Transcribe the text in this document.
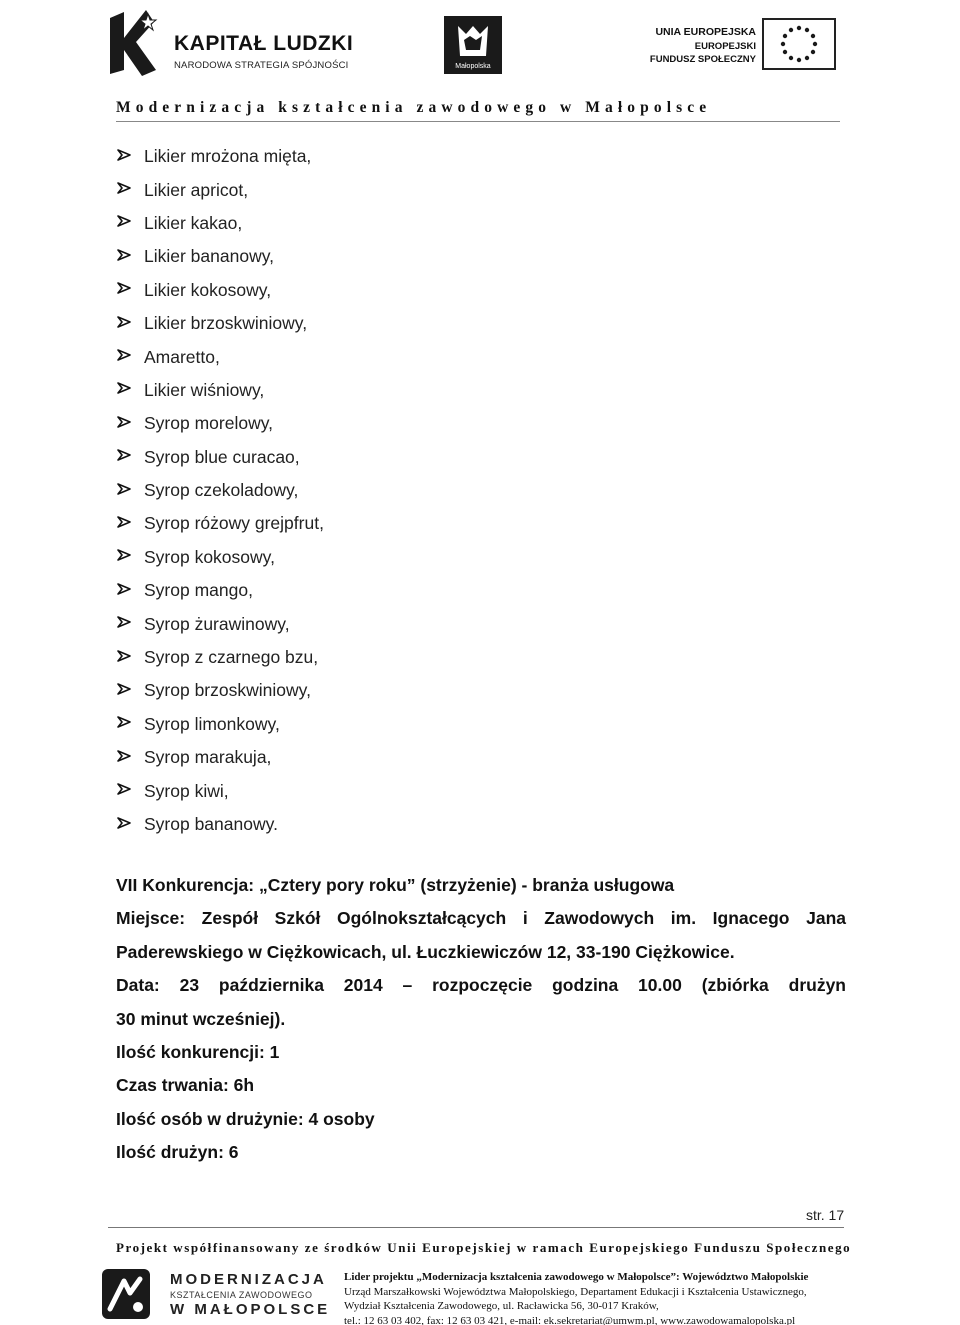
KAPITAŁ LUDZKI
NARODOWA STRATEGIA SPÓJNOŚCI	Małopolska
UNIA EUROPEJSKA
EUROPEJSKI
FUNDUSZ SPOŁECZNY
Modernizacja kształcenia zawodowego w Małopolsce
Likier mrożona mięta,
Likier apricot,
Likier kakao,
Likier bananowy,
Likier kokosowy,
Likier brzoskwiniowy,
Amaretto,
Likier wiśniowy,
Syrop morelowy,
Syrop blue curacao,
Syrop czekoladowy,
Syrop różowy grejpfrut,
Syrop kokosowy,
Syrop mango,
Syrop żurawinowy,
Syrop z czarnego bzu,
Syrop brzoskwiniowy,
Syrop limonkowy,
Syrop marakuja,
Syrop kiwi,
Syrop bananowy.

VII Konkurencja: „Cztery pory roku” (strzyżenie) - branża usługowa

Miejsce: Zespół Szkół Ogólnokształcących i Zawodowych im. Ignacego Jana

Paderewskiego w Ciężkowicach, ul. Łuczkiewiczów 12, 33-190 Ciężkowice.

Data: 23 października 2014 – rozpoczęcie godzina 10.00 (zbiórka drużyn

30 minut wcześniej).

Ilość konkurencji: 1

Czas trwania: 6h

Ilość osób w drużynie: 4 osoby

Ilość drużyn: 6

str. 17
Projekt współfinansowany ze środków Unii Europejskiej w ramach Europejskiego Funduszu Społecznego
MODERNIZACJA
KSZTAŁCENIA ZAWODOWEGO
W MAŁOPOLSCE
Lider projektu „Modernizacja kształcenia zawodowego w Małopolsce”: Województwo Małopolskie
Urząd Marszałkowski Województwa Małopolskiego, Departament Edukacji i Kształcenia Ustawicznego,
Wydział Kształcenia Zawodowego, ul. Racławicka 56, 30-017 Kraków,
tel.: 12 63 03 402, fax: 12 63 03 421, e-mail: ek.sekretariat@umwm.pl, www.zawodowamalopolska.pl
